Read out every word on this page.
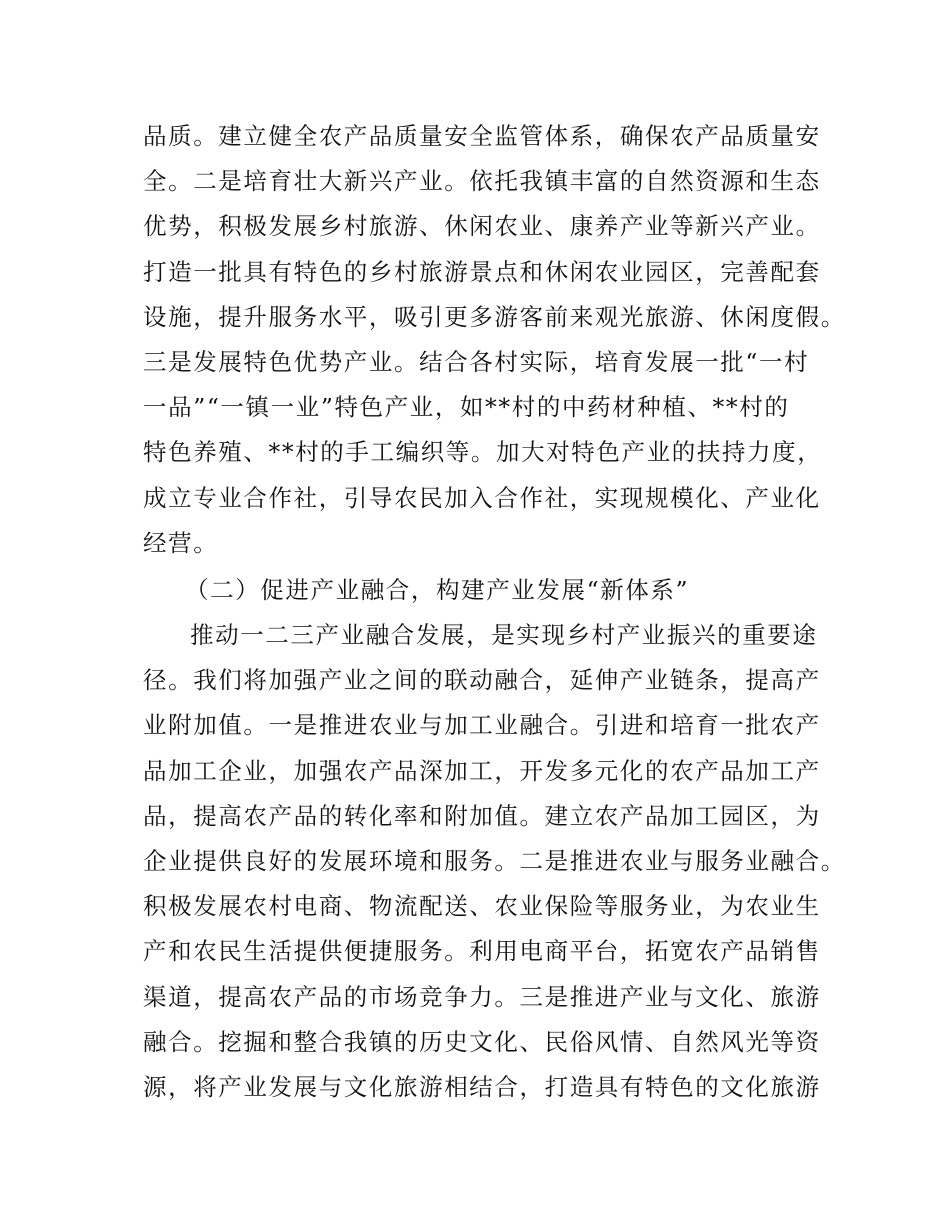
品质。建立健全农产品质量安全监管体系，确保农产品质量安
全。二是培育壮大新兴产业。依托我镇丰富的自然资源和生态
优势，积极发展乡村旅游、休闲农业、康养产业等新兴产业。
打造一批具有特色的乡村旅游景点和休闲农业园区，完善配套
设施，提升服务水平，吸引更多游客前来观光旅游、休闲度假。
三是发展特色优势产业。结合各村实际，培育发展一批“一村
一品”“一镇一业”特色产业，如**村的中药材种植、**村的
特色养殖、**村的手工编织等。加大对特色产业的扶持力度，
成立专业合作社，引导农民加入合作社，实现规模化、产业化
经营。
（二）促进产业融合，构建产业发展“新体系”
推动一二三产业融合发展，是实现乡村产业振兴的重要途
径。我们将加强产业之间的联动融合，延伸产业链条，提高产
业附加值。一是推进农业与加工业融合。引进和培育一批农产
品加工企业，加强农产品深加工，开发多元化的农产品加工产
品，提高农产品的转化率和附加值。建立农产品加工园区，为
企业提供良好的发展环境和服务。二是推进农业与服务业融合。
积极发展农村电商、物流配送、农业保险等服务业，为农业生
产和农民生活提供便捷服务。利用电商平台，拓宽农产品销售
渠道，提高农产品的市场竞争力。三是推进产业与文化、旅游
融合。挖掘和整合我镇的历史文化、民俗风情、自然风光等资
源，将产业发展与文化旅游相结合，打造具有特色的文化旅游
